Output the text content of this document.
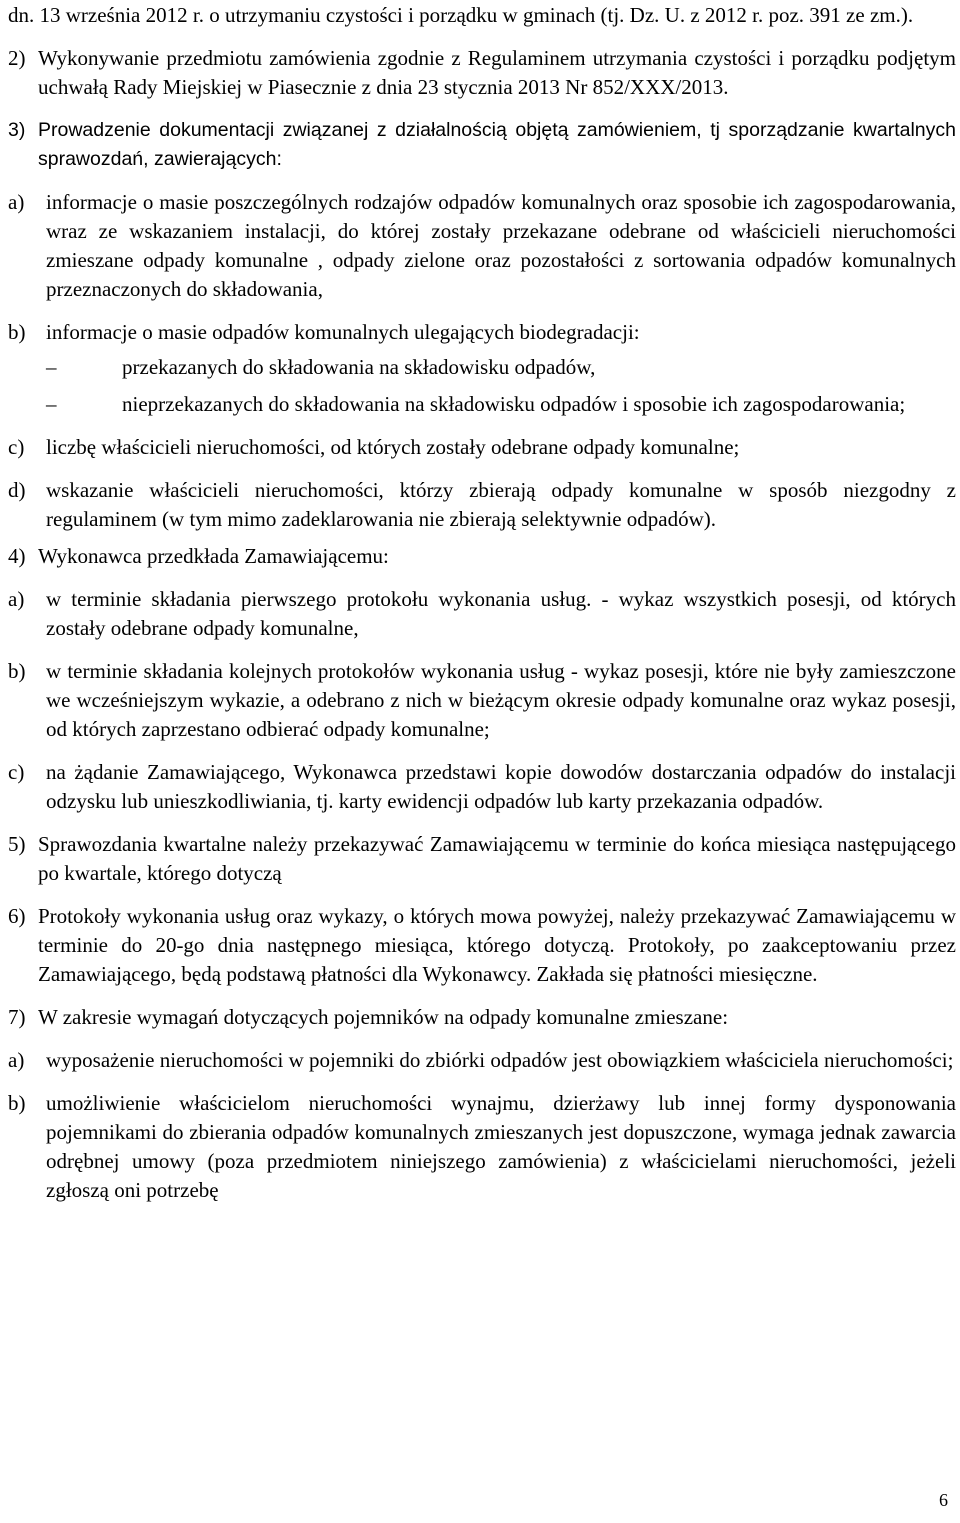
dn. 13 września 2012 r. o utrzymaniu czystości i porządku w gminach (tj. Dz. U. z 2012 r. poz. 391 ze zm.).
2) Wykonywanie przedmiotu zamówienia zgodnie z Regulaminem utrzymania czystości i porządku podjętym uchwałą Rady Miejskiej w Piasecznie z dnia 23 stycznia 2013 Nr 852/XXX/2013.
3) Prowadzenie dokumentacji związanej z działalnością objętą zamówieniem, tj sporządzanie kwartalnych sprawozdań, zawierających:
a)	informacje o masie poszczególnych rodzajów odpadów komunalnych oraz sposobie ich zagospodarowania, wraz ze wskazaniem instalacji, do której zostały przekazane odebrane od właścicieli nieruchomości zmieszane odpady komunalne , odpady zielone oraz pozostałości z sortowania odpadów komunalnych przeznaczonych do składowania,
b) informacje o masie odpadów komunalnych ulegających biodegradacji:
–	przekazanych do składowania na składowisku odpadów,
–	nieprzekazanych do składowania na składowisku odpadów i sposobie ich zagospodarowania;
c)	liczbę właścicieli nieruchomości, od których zostały odebrane odpady komunalne;
d) wskazanie właścicieli nieruchomości, którzy zbierają odpady komunalne w sposób niezgodny z regulaminem (w tym mimo zadeklarowania nie zbierają selektywnie odpadów).
4) Wykonawca przedkłada Zamawiającemu:
a)	w terminie składania pierwszego protokołu wykonania usług. - wykaz wszystkich posesji, od których zostały odebrane odpady komunalne,
b) w terminie składania kolejnych protokołów wykonania usług - wykaz posesji, które nie były zamieszczone we wcześniejszym wykazie, a odebrano z nich w bieżącym okresie odpady komunalne oraz wykaz posesji, od których zaprzestano odbierać odpady komunalne;
c)	na żądanie Zamawiającego, Wykonawca przedstawi kopie dowodów dostarczania odpadów do instalacji odzysku lub unieszkodliwiania, tj. karty ewidencji odpadów lub karty przekazania odpadów.
5) Sprawozdania kwartalne należy przekazywać Zamawiającemu w terminie do końca miesiąca następującego po kwartale, którego dotyczą
6) Protokoły wykonania usług oraz wykazy, o których mowa powyżej, należy przekazywać Zamawiającemu w terminie do 20-go dnia następnego miesiąca, którego dotyczą. Protokoły, po zaakceptowaniu przez Zamawiającego, będą podstawą płatności dla Wykonawcy. Zakłada się płatności miesięczne.
7) W zakresie wymagań dotyczących pojemników na odpady komunalne zmieszane:
a)	wyposażenie nieruchomości w pojemniki do zbiórki odpadów jest obowiązkiem właściciela nieruchomości;
b) umożliwienie właścicielom nieruchomości wynajmu, dzierżawy lub innej formy dysponowania pojemnikami do zbierania odpadów komunalnych zmieszanych jest dopuszczone, wymaga jednak zawarcia odrębnej umowy (poza przedmiotem niniejszego zamówienia) z właścicielami nieruchomości, jeżeli zgłoszą oni potrzebę
6
